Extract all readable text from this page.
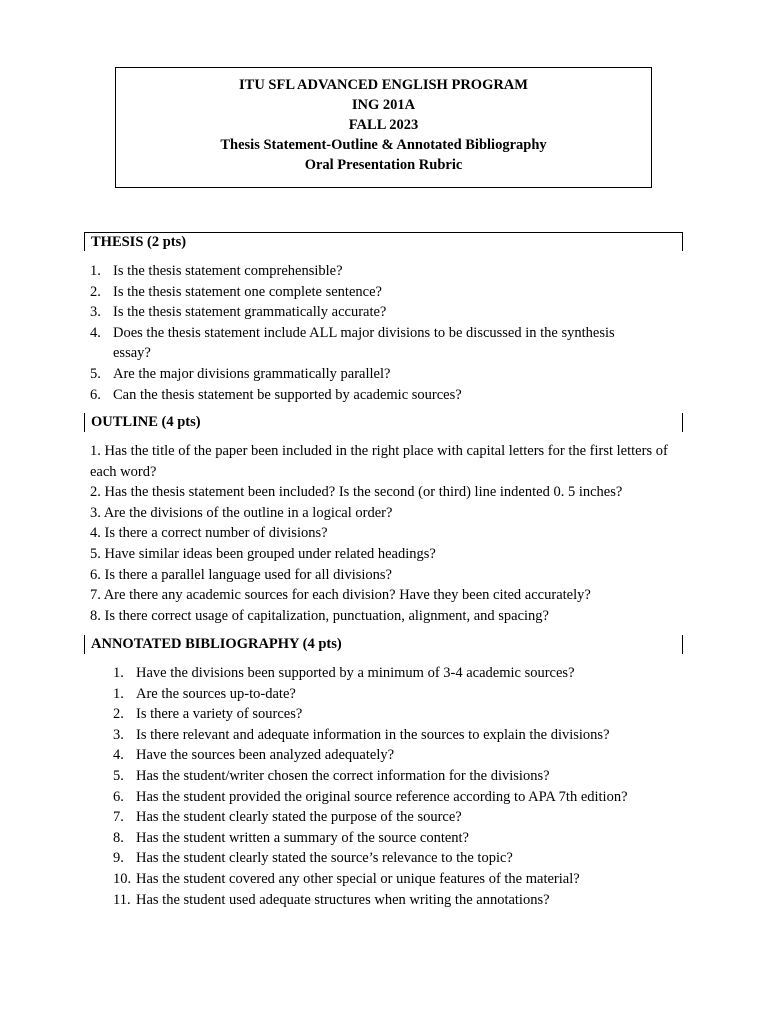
ITU SFL ADVANCED ENGLISH PROGRAM
ING 201A
FALL 2023
Thesis Statement-Outline & Annotated Bibliography
Oral Presentation Rubric
THESIS (2 pts)
1. Is the thesis statement comprehensible?
2. Is the thesis statement one complete sentence?
3. Is the thesis statement grammatically accurate?
4. Does the thesis statement include ALL major divisions to be discussed in the synthesis essay?
5. Are the major divisions grammatically parallel?
6. Can the thesis statement be supported by academic sources?
OUTLINE (4 pts)
1. Has the title of the paper been included in the right place with capital letters for the first letters of each word?
2. Has the thesis statement been included? Is the second (or third) line indented 0. 5 inches?
3. Are the divisions of the outline in a logical order?
4. Is there a correct number of divisions?
5. Have similar ideas been grouped under related headings?
6. Is there a parallel language used for all divisions?
7. Are there any academic sources for each division? Have they been cited accurately?
8. Is there correct usage of capitalization, punctuation, alignment, and spacing?
ANNOTATED BIBLIOGRAPHY (4 pts)
1. Have the divisions been supported by a minimum of 3-4 academic sources?
1. Are the sources up-to-date?
2. Is there a variety of sources?
3. Is there relevant and adequate information in the sources to explain the divisions?
4. Have the sources been analyzed adequately?
5. Has the student/writer chosen the correct information for the divisions?
6. Has the student provided the original source reference according to APA 7th edition?
7. Has the student clearly stated the purpose of the source?
8. Has the student written a summary of the source content?
9. Has the student clearly stated the source’s relevance to the topic?
10. Has the student covered any other special or unique features of the material?
11. Has the student used adequate structures when writing the annotations?
